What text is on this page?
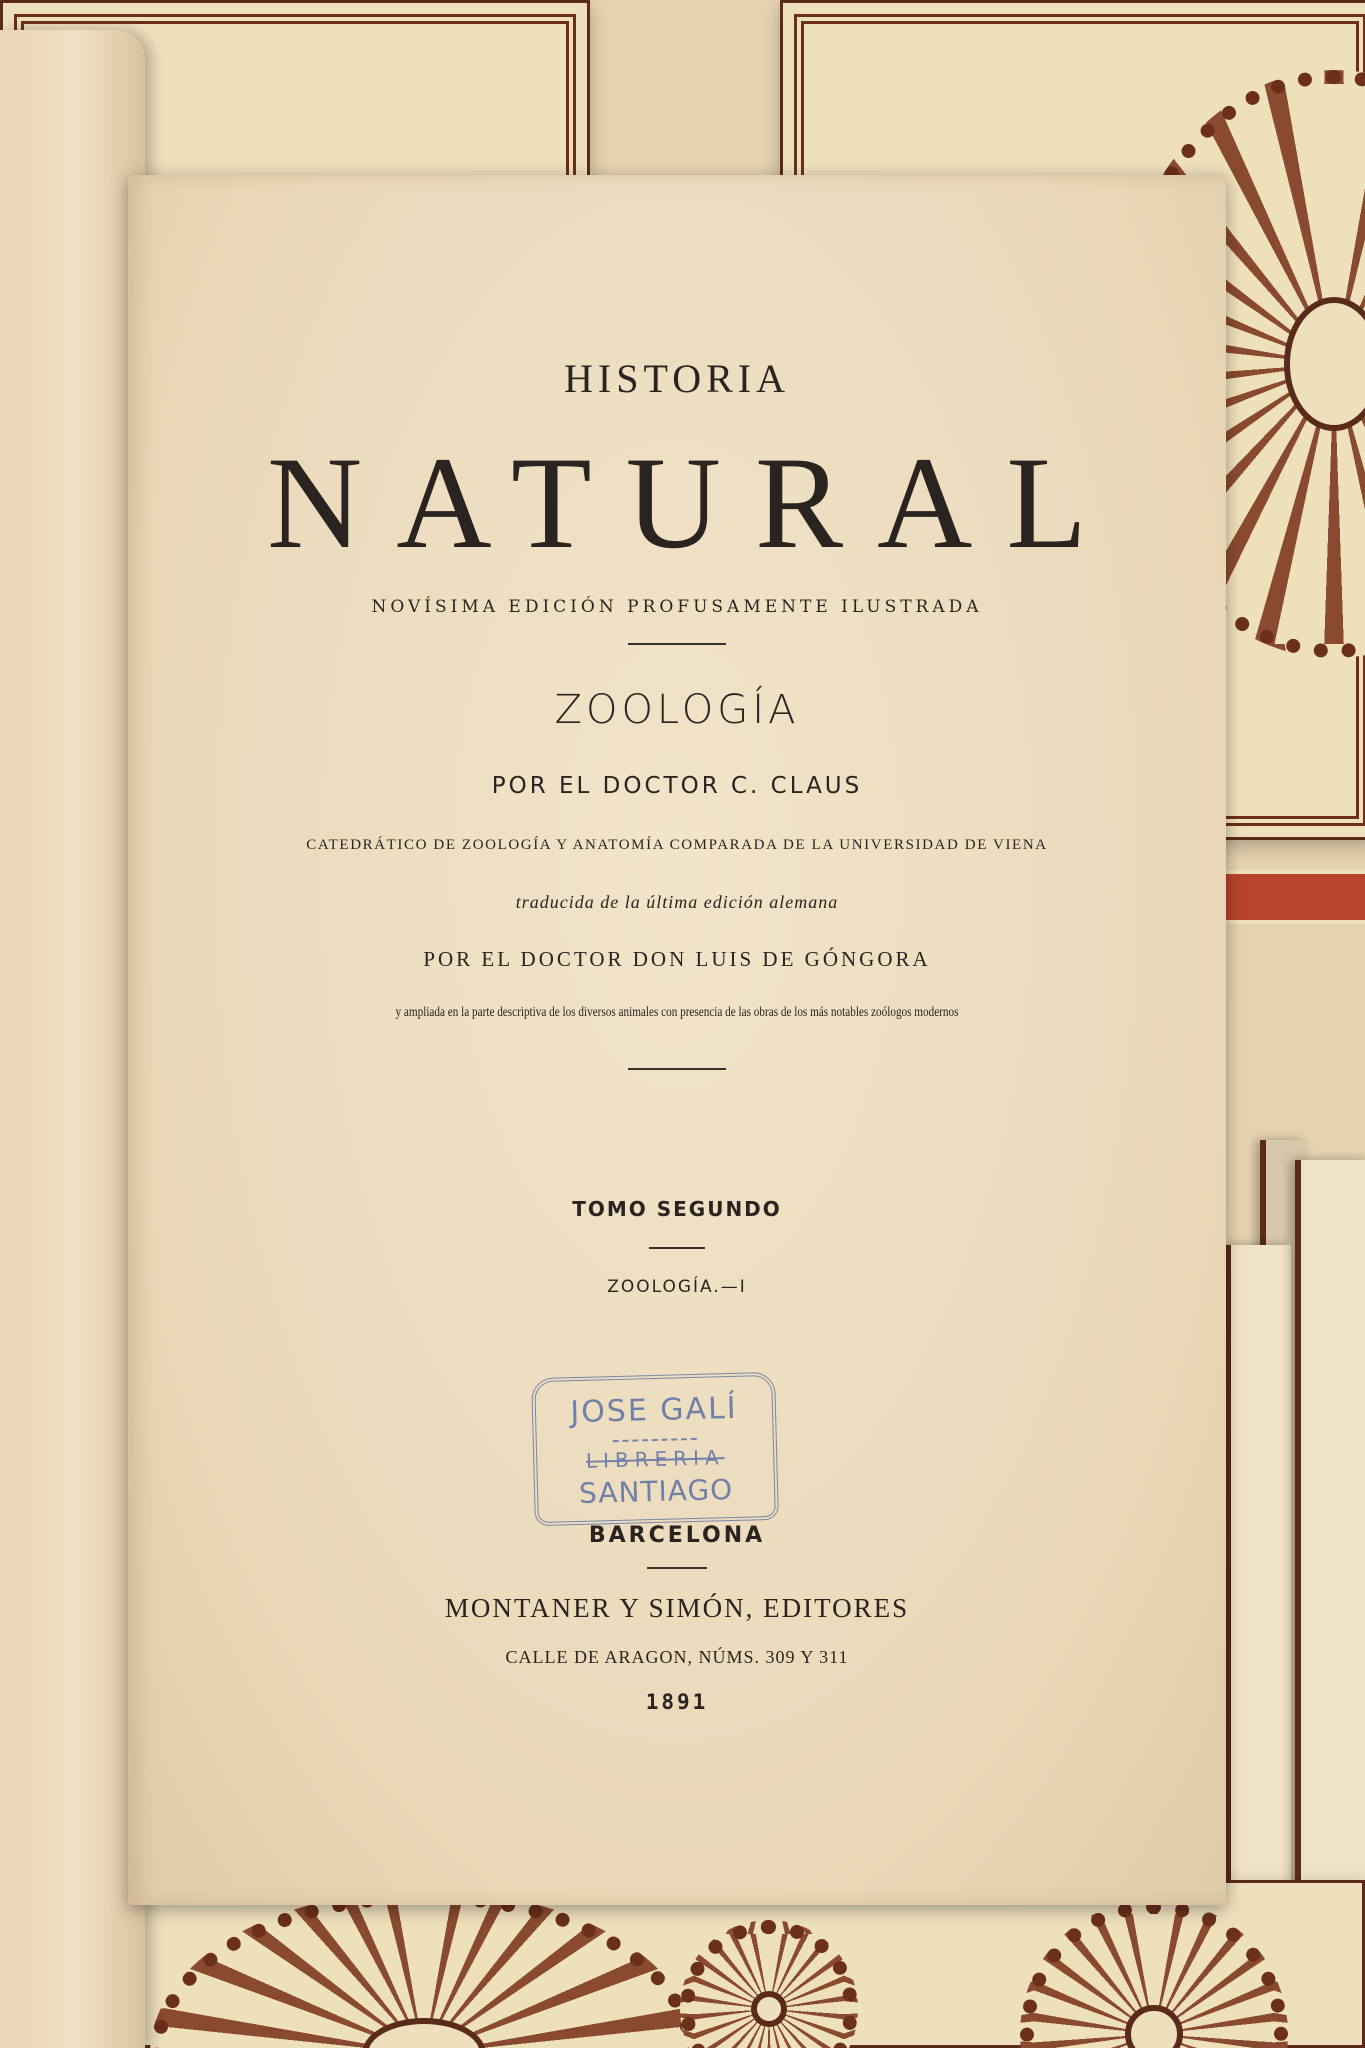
HISTORIA
NATURAL
NOVÍSIMA EDICIÓN PROFUSAMENTE ILUSTRADA
ZOOLOGÍA
POR EL DOCTOR C. CLAUS
CATEDRÁTICO DE ZOOLOGÍA Y ANATOMÍA COMPARADA DE LA UNIVERSIDAD DE VIENA
traducida de la última edición alemana
POR EL DOCTOR DON LUIS DE GÓNGORA
y ampliada en la parte descriptiva de los diversos animales con presencia de las obras de los más notables zoólogos modernos
TOMO SEGUNDO
ZOOLOGÍA.—I
JOSE GALÍ
LIBRERIA
SANTIAGO
BARCELONA
MONTANER Y SIMÓN, EDITORES
CALLE DE ARAGON, NÚMS. 309 Y 311
1891
